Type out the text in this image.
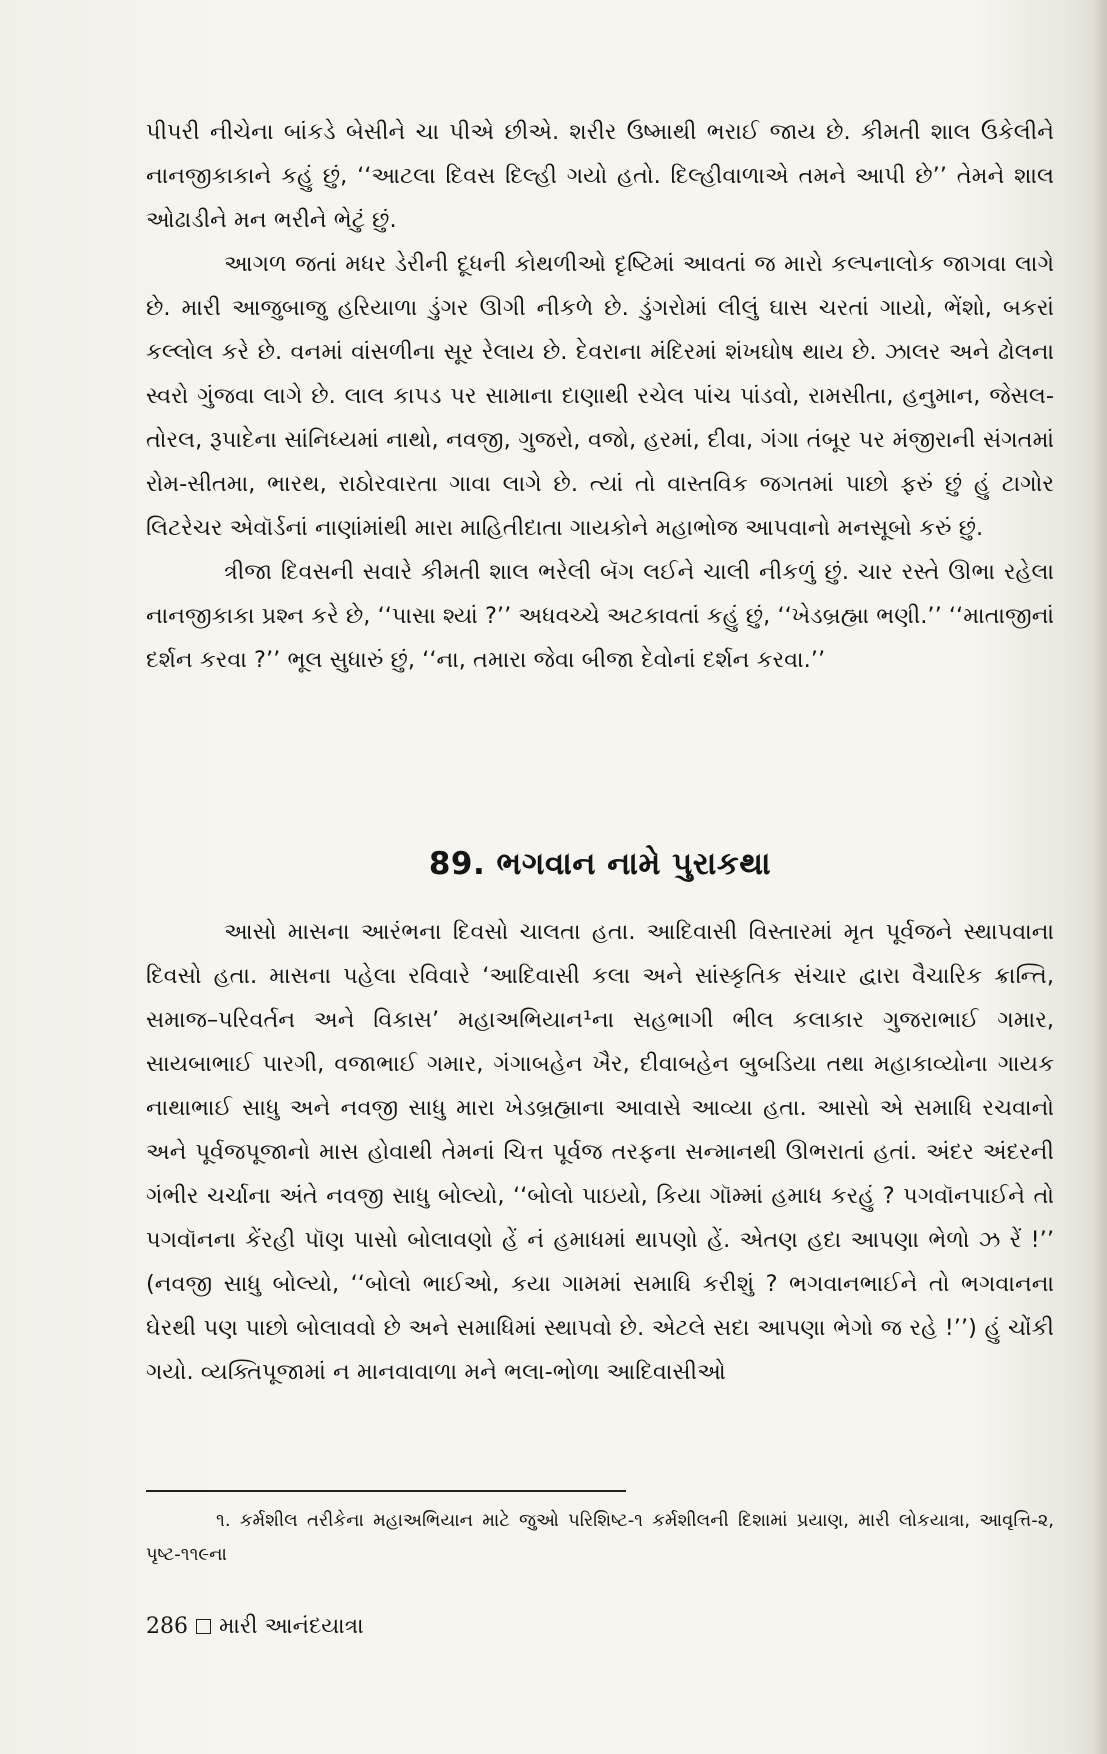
પીપરી નીચેના બાંકડે બેસીને ચા પીએ છીએ. શરીર ઉષ્માથી ભરાઈ જાય છે. કીમતી શાલ ઉકેલીને નાનજીકાકાને કહું છું, ‘‘આટલા દિવસ દિલ્હી ગયો હતો. દિલ્હીવાળાએ તમને આપી છે’’ તેમને શાલ ઓઢાડીને મન ભરીને ભેટું છું.

આગળ જતાં મધર ડેરીની દૂધની કોથળીઓ દૃષ્ટિમાં આવતાં જ મારો કલ્પનાલોક જાગવા લાગે છે. મારી આજુબાજુ હરિયાળા ડુંગર ઊગી નીકળે છે. ડુંગરોમાં લીલું ઘાસ ચરતાં ગાયો, ભેંશો, બકરાં કલ્લોલ કરે છે. વનમાં વાંસળીના સૂર રેલાય છે. દેવરાના મંદિરમાં શંખઘોષ થાય છે. ઝાલર અને ઢોલના સ્વરો ગુંજવા લાગે છે. લાલ કાપડ પર સામાના દાણાથી રચેલ પાંચ પાંડવો, રામસીતા, હનુમાન, જેસલ-તોરલ, રૂપાદેના સાંનિધ્યમાં નાથો, નવજી, ગુજરો, વજો, હરમાં, દીવા, ગંગા તંબૂર પર મંજીરાની સંગતમાં રોમ-સીતમા, ભારથ, રાઠોરવારતા ગાવા લાગે છે. ત્યાં તો વાસ્તવિક જગતમાં પાછો ફરું છું હું ટાગોર લિટરેચર એવૉર્ડનાં નાણાંમાંથી મારા માહિતીદાતા ગાયકોને મહાભોજ આપવાનો મનસૂબો કરું છું.

ત્રીજા દિવસની સવારે કીમતી શાલ ભરેલી બૅગ લઈને ચાલી નીકળું છું. ચાર રસ્તે ઊભા રહેલા નાનજીકાકા પ્રશ્ન કરે છે, ‘‘પાસા શ્યાં ?’’ અધવચ્ચે અટકાવતાં કહું છું, ‘‘ખેડબ્રહ્મા ભણી.’’ ‘‘માતાજીનાં દર્શન કરવા ?’’ ભૂલ સુધારું છું, ‘‘ના, તમારા જેવા બીજા દેવોનાં દર્શન કરવા.’’

89. ભગવાન નામે પુરાકથા

આસો માસના આરંભના દિવસો ચાલતા હતા. આદિવાસી વિસ્તારમાં મૃત પૂર્વજને સ્થાપવાના દિવસો હતા. માસના પહેલા રવિવારે ‘આદિવાસી કલા અને સાંસ્કૃતિક સંચાર દ્વારા વૈચારિક ક્રાન્તિ, સમાજ–પરિવર્તન અને વિકાસ’ મહાઅભિયાન¹ના સહભાગી ભીલ કલાકાર ગુજરાભાઈ ગમાર, સાયબાભાઈ પારગી, વજાભાઈ ગમાર, ગંગાબહેન ખૈર, દીવાબહેન બુબડિયા તથા મહાકાવ્યોના ગાયક નાથાભાઈ સાધુ અને નવજી સાધુ મારા ખેડબ્રહ્માના આવાસે આવ્યા હતા. આસો એ સમાધિ રચવાનો અને પૂર્વજપૂજાનો માસ હોવાથી તેમનાં ચિત્ત પૂર્વજ તરફના સન્માનથી ઊભરાતાં હતાં. અંદર અંદરની ગંભીર ચર્ચાના અંતે નવજી સાધુ બોલ્યો, ‘‘બોલો પાઇયો, કિયા ગૉમ્માં હમાધ કરહું ? પગવૉનપાઈને તો પગવૉનના કેંરહી પૉણ પાસો બોલાવણો હેં નં હમાધમાં થાપણો હેં. એતણ હદા આપણા ભેળો ઝ રેં !’’ (નવજી સાધુ બોલ્યો, ‘‘બોલો ભાઈઓ, કયા ગામમાં સમાધિ કરીશું ? ભગવાનભાઈને તો ભગવાનના ઘેરથી પણ પાછો બોલાવવો છે અને સમાધિમાં સ્થાપવો છે. એટલે સદા આપણા ભેગો જ રહે !’’) હું ચોંકી ગયો. વ્યક્તિપૂજામાં ન માનવાવાળા મને ભલા-ભોળા આદિવાસીઓ

૧. કર્મશીલ તરીકેના મહાઅભિયાન માટે જુઓ પરિશિષ્ટ-૧ કર્મશીલની દિશામાં પ્રયાણ, મારી લોકયાત્રા, આવૃત્તિ-૨, પૃષ્ટ-૧૧૯ના
286 મારી આનંદયાત્રા
